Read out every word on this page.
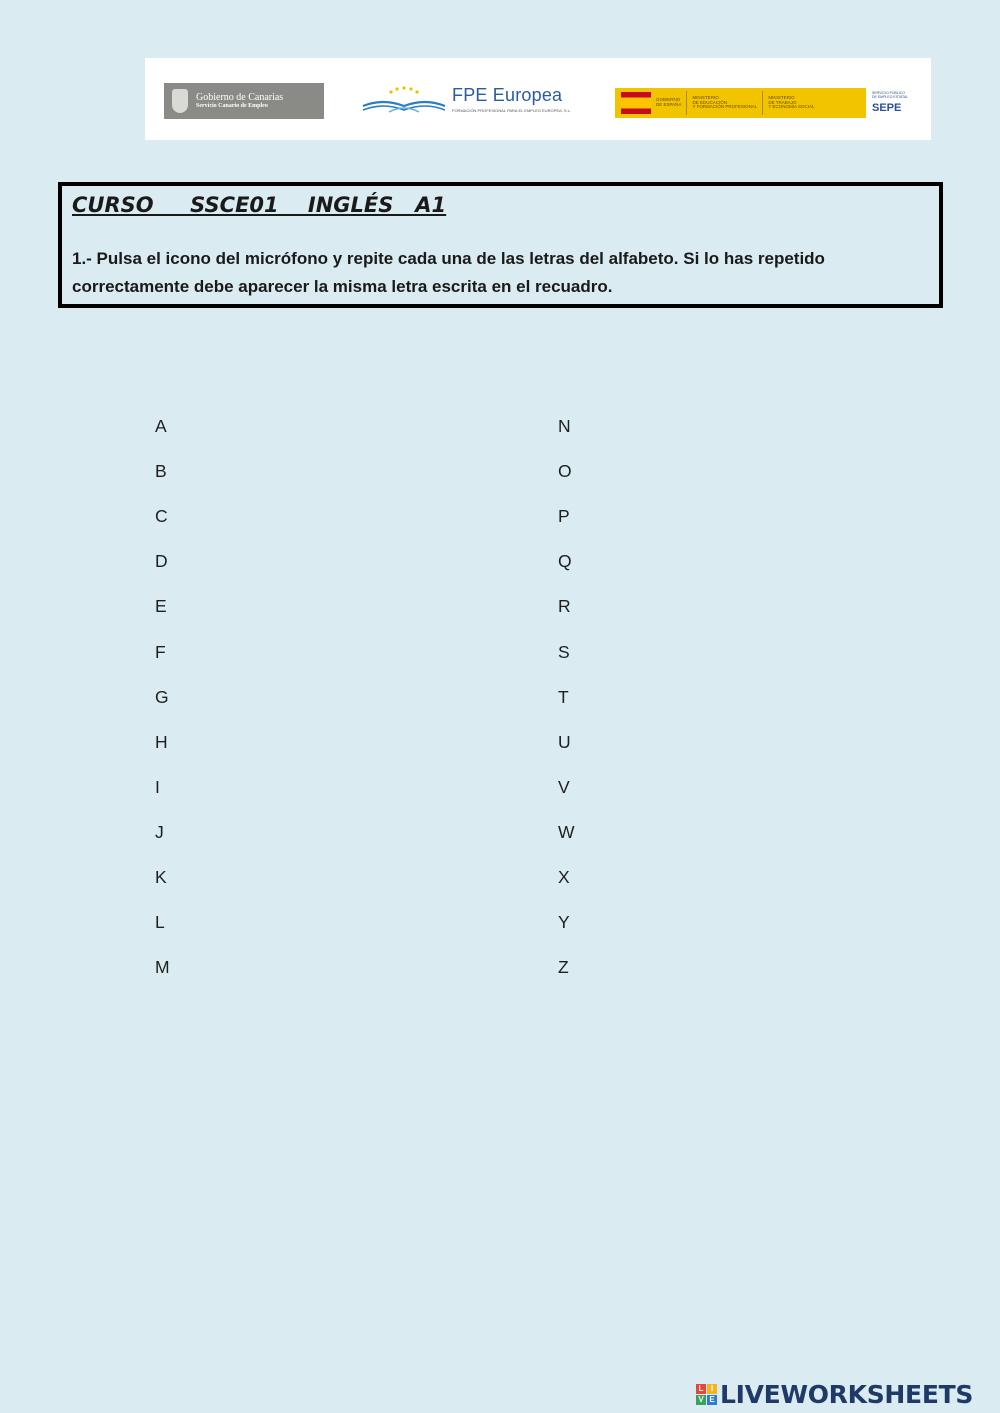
Gobierno de Canarias
Servicio Canario de Empleo
FPE Europea
FORMACIÓN PROFESIONAL PARA EL EMPLEO EUROPEA, S.L.
GOBIERNO
DE ESPAÑA
MINISTERIO
DE EDUCACIÓN
Y FORMACIÓN PROFESIONAL
MINISTERIO
DE TRABAJO
Y ECONOMÍA SOCIAL
SERVICIO PÚBLICO
DE EMPLEO ESTATAL
SEPE
CURSO     SSCE01    INGLÉS   A1

1.- Pulsa el icono del micrófono y repite cada una de las letras del alfabeto. Si lo has repetido correctamente debe aparecer la misma letra escrita en el recuadro.

A
B
C
D
E
F
G
H
I
J
K
L
M
N
O
P
Q
R
S
T
U
V
W
X
Y
Z
L I
V E LIVEWORKSHEETS
